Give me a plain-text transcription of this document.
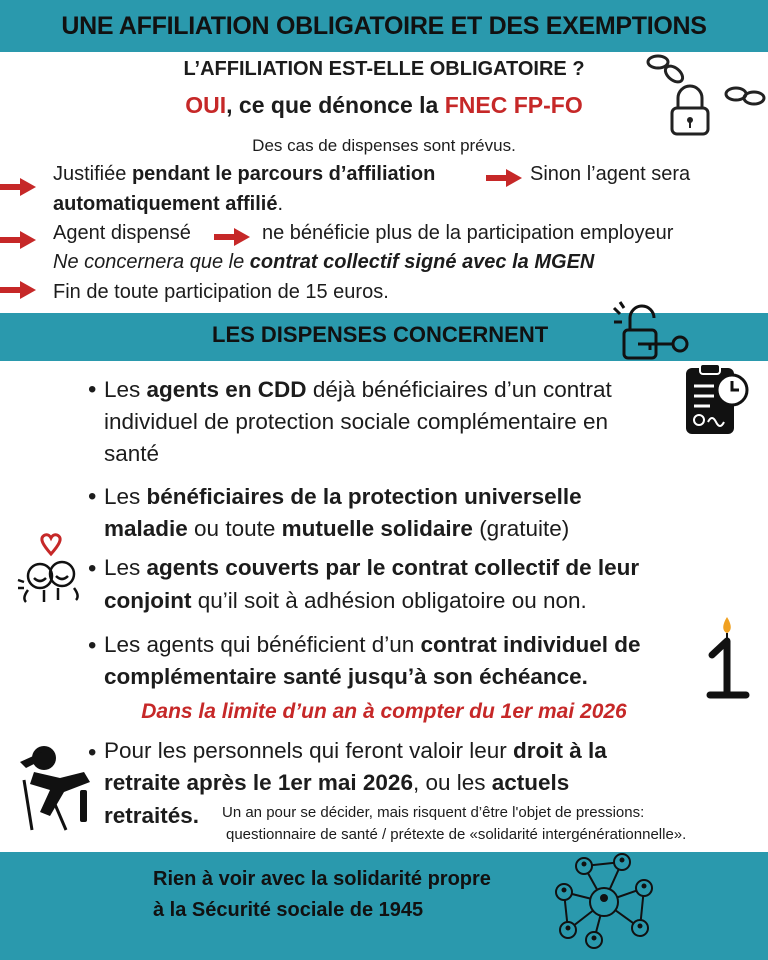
UNE AFFILIATION OBLIGATOIRE ET DES EXEMPTIONS
L’AFFILIATION EST-ELLE OBLIGATOIRE ?
OUI, ce que dénonce la FNEC FP-FO
Des cas de dispenses sont prévus.
Justifiée pendant le parcours d’affiliation	Sinon l’agent sera
automatiquement affilié.
Agent dispensé	ne bénéficie plus de la participation employeur
Ne concernera que le contrat collectif signé avec la MGEN
Fin de toute participation de 15 euros.
LES DISPENSES CONCERNENT
• Les agents en CDD déjà bénéficiaires d’un contrat
individuel de protection sociale complémentaire en
santé
• Les bénéficiaires de la protection universelle
maladie ou toute mutuelle solidaire (gratuite)
• Les agents couverts par le contrat collectif de leur
conjoint qu’il soit à adhésion obligatoire ou non.
• Les agents qui bénéficient d’un contrat individuel de
complémentaire santé jusqu’à son échéance.
Dans la limite d’un an à compter du 1er mai 2026
• Pour les personnels qui feront valoir leur droit à la
retraite après le 1er mai 2026, ou les actuels
retraités. Un an pour se décider, mais risquent d’être l'objet de pressions:
questionnaire de santé / prétexte de «solidarité intergénérationnelle».
Rien à voir avec la solidarité propre
à la Sécurité sociale de 1945
